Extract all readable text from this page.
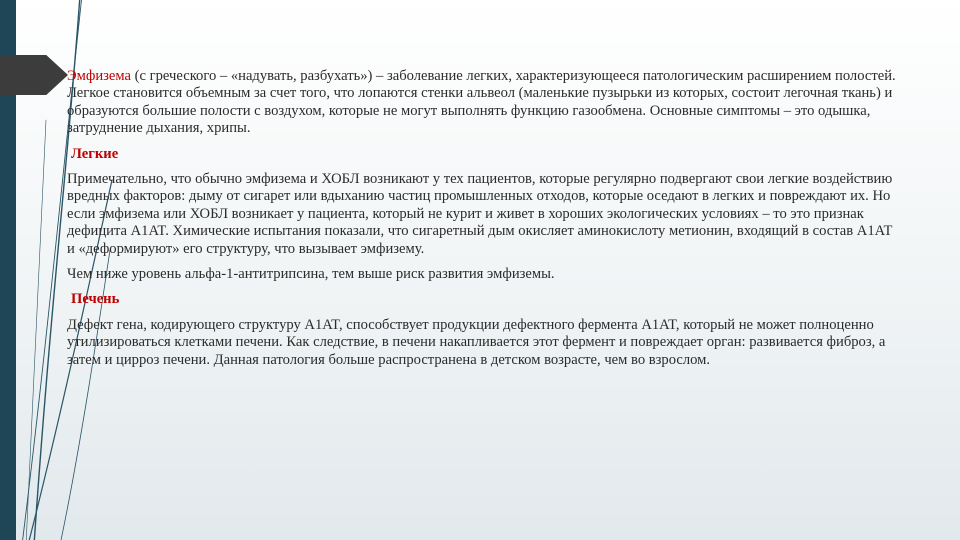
Эмфизема (с греческого – «надувать, разбухать») – заболевание легких, характеризующееся патологическим расширением полостей. Легкое становится объемным за счет того, что лопаются стенки альвеол (маленькие пузырьки из которых, состоит легочная ткань) и образуются большие полости с воздухом, которые не могут выполнять функцию газообмена. Основные симптомы – это одышка, затруднение дыхания, хрипы.

Легкие

Примечательно, что обычно эмфизема и ХОБЛ возникают у тех пациентов, которые регулярно подвергают свои легкие воздействию вредных факторов: дыму от сигарет или вдыханию частиц промышленных отходов, которые оседают в легких и повреждают их. Но если эмфизема или ХОБЛ возникает у пациента, который не курит и живет в хороших экологических условиях – то это признак дефицита A1AT. Химические испытания показали, что сигаретный дым окисляет аминокислоту метионин, входящий в состав A1AT и «деформируют» его структуру, что вызывает эмфизему.

Чем ниже уровень альфа-1-антитрипсина, тем выше риск развития эмфиземы.

Печень

Дефект гена, кодирующего структуру A1AT, способствует продукции дефектного фермента A1AT, который не может полноценно утилизироваться клетками печени. Как следствие, в печени накапливается этот фермент и повреждает орган: развивается фиброз, а затем и цирроз печени. Данная патология больше распространена в детском возрасте, чем во взрослом.
